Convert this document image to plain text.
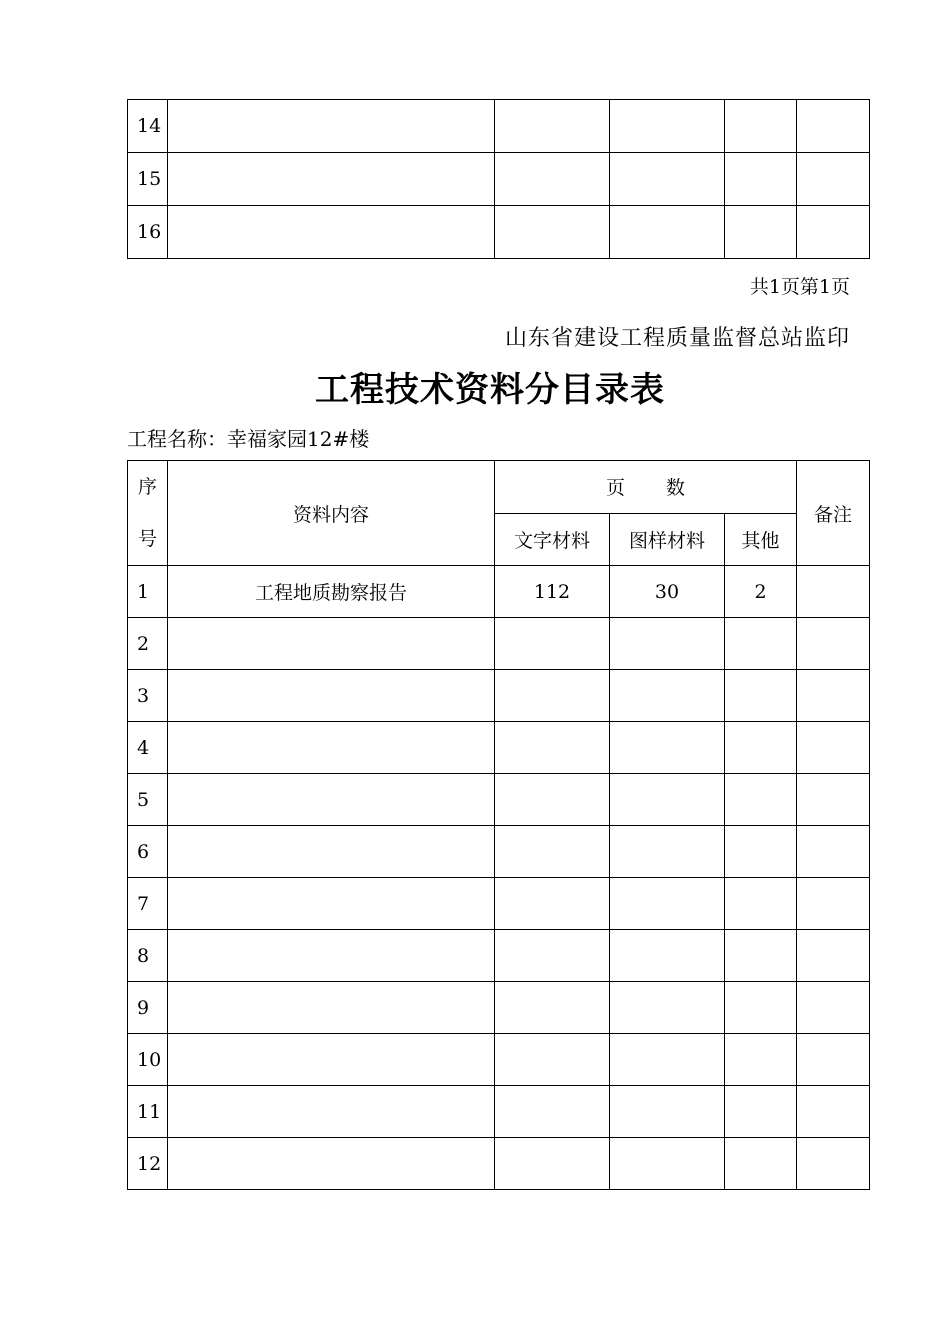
14					
15					
16					
共1页第1页
山东省建设工程质量监督总站监印
工程技术资料分目录表
工程名称：幸福家园12#楼
序
号	资料内容	页 数			备注
		文字材料	图样材料	其他	
1	工程地质勘察报告	112	30	2	
2					
3					
4					
5					
6					
7					
8					
9					
10					
11					
12					
